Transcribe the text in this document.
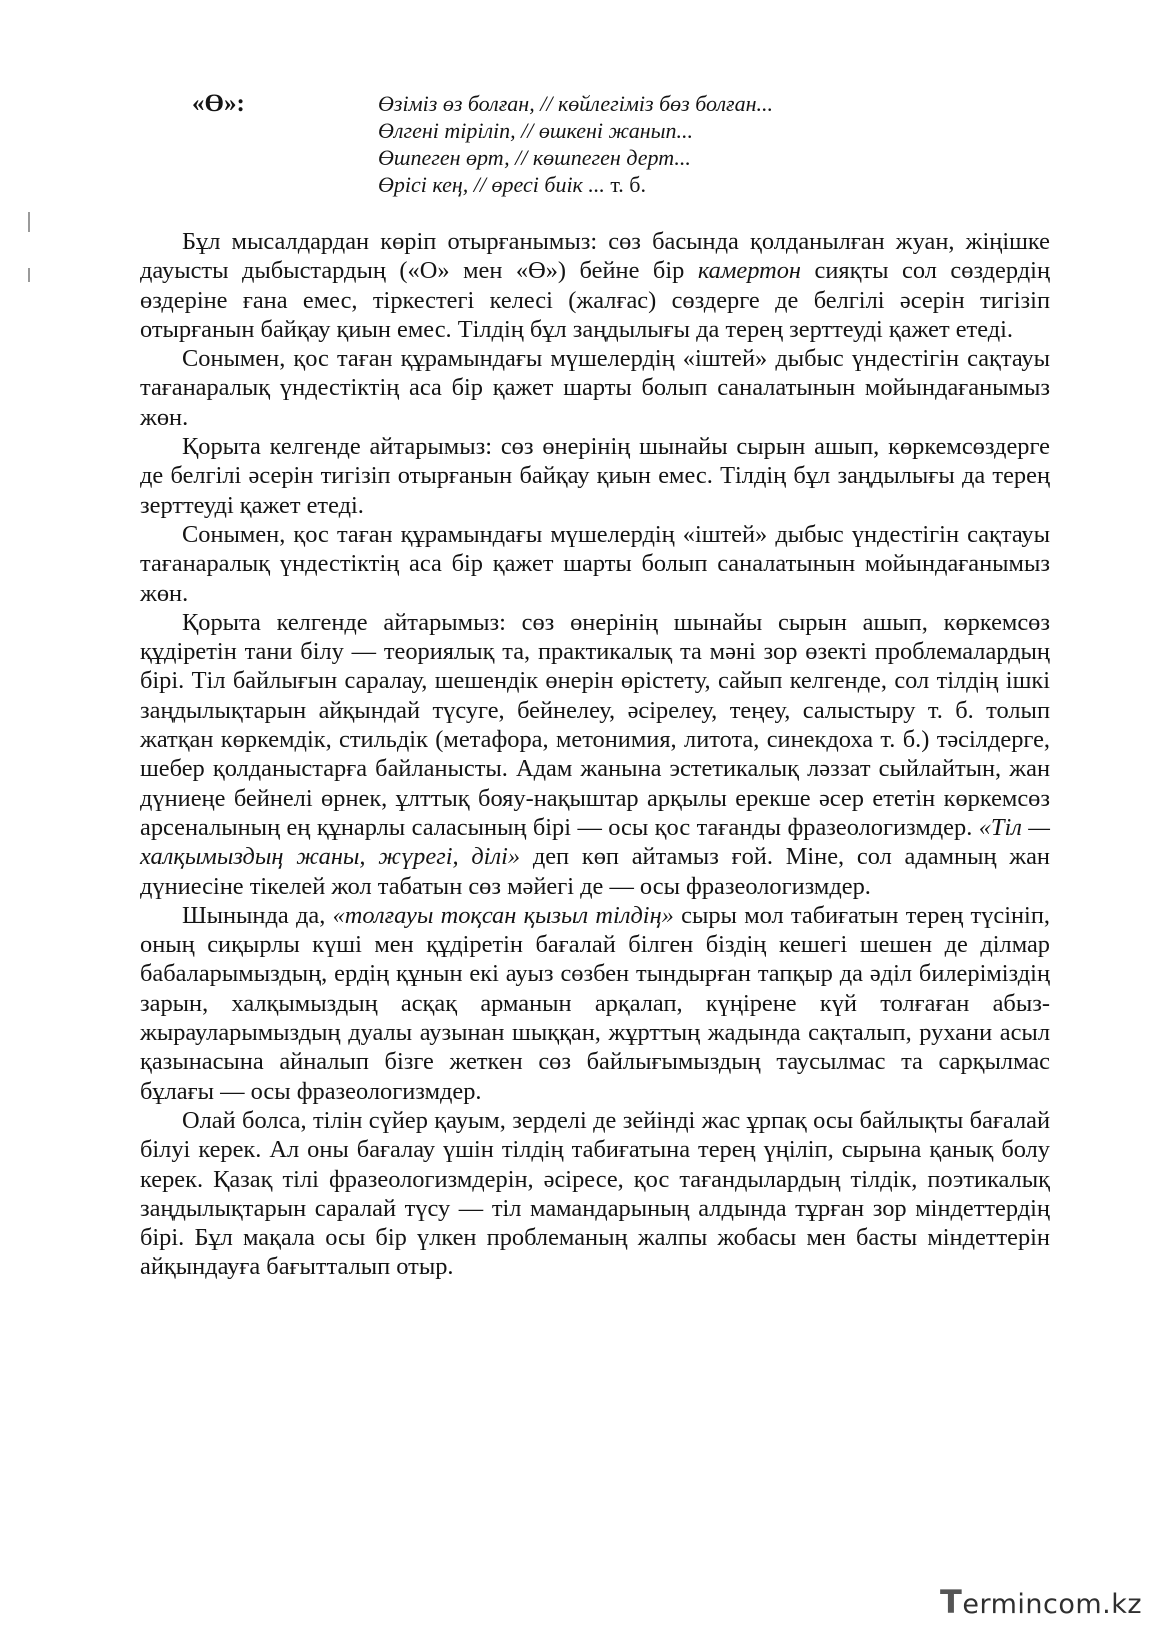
«Ө»:	Өзіміз өз болған, // көйлегіміз бөз болған...
Өлгені тіріліп, // өшкені жанып...
Өшпеген өрт, // көшпеген дерт...
Өрісі кең, // өресі биік ... т. б.

Бұл мысалдардан көріп отырғанымыз: сөз басында қолданылған жуан, жіңішке дауысты дыбыстардың («О» мен «Ө») бейне бір камертон сияқты сол сөздердің өздеріне ғана емес, тіркестегі келесі (жалғас) сөздерге де белгілі әсерін тигізіп отырғанын байқау қиын емес. Тілдің бұл заңдылығы да терең зерттеуді қажет етеді.

Сонымен, қос таған құрамындағы мүшелердің «іштей» дыбыс үндестігін сақтауы тағанаралық үндестіктің аса бір қажет шарты болып саналатынын мойындағанымыз жөн.

Қорыта келгенде айтарымыз: сөз өнерінің шынайы сырын ашып, көркемсөздерге де белгілі әсерін тигізіп отырғанын байқау қиын емес. Тілдің бұл заңдылығы да терең зерттеуді қажет етеді.

Сонымен, қос таған құрамындағы мүшелердің «іштей» дыбыс үндестігін сақтауы тағанаралық үндестіктің аса бір қажет шарты болып саналатынын мойындағанымыз жөн.

Қорыта келгенде айтарымыз: сөз өнерінің шынайы сырын ашып, көркемсөз құдіретін тани білу — теориялық та, практикалық та мәні зор өзекті проблемалардың бірі. Тіл байлығын саралау, шешендік өнерін өрістету, сайып келгенде, сол тілдің ішкі заңдылықтарын айқындай түсуге, бейнелеу, әсірелеу, теңеу, салыстыру т. б. толып жатқан көркемдік, стильдік (метафора, метонимия, литота, синекдоха т. б.) тәсілдерге, шебер қолданыстарға байланысты. Адам жанына эстетикалық ләззат сыйлайтын, жан дүниеңе бейнелі өрнек, ұлттық бояу-нақыштар арқылы ерекше әсер ететін көркемсөз арсеналының ең құнарлы саласының бірі — осы қос тағанды фразеологизмдер. «Тіл — халқымыздың жаны, жүрегі, ділі» деп көп айтамыз ғой. Міне, сол адамның жан дүниесіне тікелей жол табатын сөз мәйегі де — осы фразеологизмдер.

Шынында да, «толғауы тоқсан қызыл тілдің» сыры мол табиғатын терең түсініп, оның сиқырлы күші мен құдіретін бағалай білген біздің кешегі шешен де ділмар бабаларымыздың, ердің құнын екі ауыз сөзбен тындырған тапқыр да әділ билеріміздің зарын, халқымыздың асқақ арманын арқалап, күңірене күй толғаған абыз-жырауларымыздың дуалы аузынан шыққан, жұрттың жадында сақталып, рухани асыл қазынасына айналып бізге жеткен сөз байлығымыздың таусылмас та сарқылмас бұлағы — осы фразеологизмдер.

Олай болса, тілін сүйер қауым, зерделі де зейінді жас ұрпақ осы байлықты бағалай білуі керек. Ал оны бағалау үшін тілдің табиғатына терең үңіліп, сырына қанық болу керек. Қазақ тілі фразеологизмдерін, әсіресе, қос тағандылардың тілдік, поэтикалық заңдылықтарын саралай түсу — тіл мамандарының алдында тұрған зор міндеттердің бірі. Бұл мақала осы бір үлкен проблеманың жалпы жобасы мен басты міндеттерін айқындауға бағытталып отыр.

Termincom.kz
